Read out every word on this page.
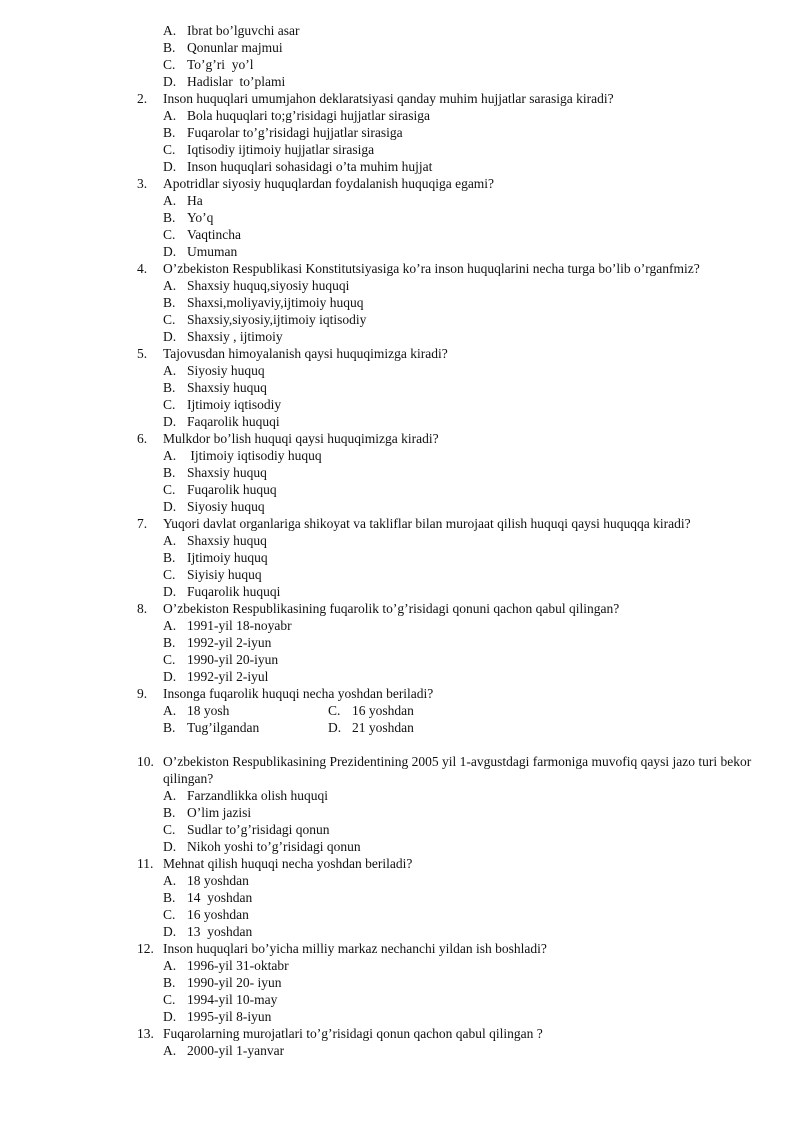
A. Ibrat bo’lguvchi asar
B. Qonunlar majmui
C. To’g’ri  yo’l
D. Hadislar  to’plami
2.	Inson huquqlari umumjahon deklaratsiyasi qanday muhim hujjatlar sarasiga kiradi?
A. Bola huquqlari to;g’risidagi hujjatlar sirasiga
B. Fuqarolar to’g’risidagi hujjatlar sirasiga
C. Iqtisodiy ijtimoiy hujjatlar sirasiga
D. Inson huquqlari sohasidagi o’ta muhim hujjat
3.	Apotridlar siyosiy huquqlardan foydalanish huquqiga egami?
A. Ha
B. Yo’q
C. Vaqtincha
D. Umuman
4.	O’zbekiston Respublikasi Konstitutsiyasiga ko’ra inson huquqlarini necha turga bo’lib o’rganfmiz?
A. Shaxsiy huquq,siyosiy huquqi
B. Shaxsi,moliyaviy,ijtimoiy huquq
C. Shaxsiy,siyosiy,ijtimoiy iqtisodiy
D. Shaxsiy , ijtimoiy
5.	Tajovusdan himoyalanish qaysi huquqimizga kiradi?
A. Siyosiy huquq
B. Shaxsiy huquq
C. Ijtimoiy iqtisodiy
D. Faqarolik huquqi
6.	Mulkdor bo’lish huquqi qaysi huquqimizga kiradi?
A. Ijtimoiy iqtisodiy huquq
B. Shaxsiy huquq
C. Fuqarolik huquq
D. Siyosiy huquq
7.	Yuqori davlat organlariga shikoyat va takliflar bilan murojaat qilish huquqi qaysi huquqqa kiradi?
A. Shaxsiy huquq
B. Ijtimoiy huquq
C. Siyisiy huquq
D. Fuqarolik huquqi
8.	O’zbekiston Respublikasining fuqarolik to’g’risidagi qonuni qachon qabul qilingan?
A. 1991-yil 18-noyabr
B. 1992-yil 2-iyun
C. 1990-yil 20-iyun
D. 1992-yil 2-iyul
9.	Insonga fuqarolik huquqi necha yoshdan beriladi?
A. 18 yosh	C. 16 yoshdan
B. Tug’ilgandan	D. 21 yoshdan
10. O’zbekiston Respublikasining Prezidentining 2005 yil 1-avgustdagi farmoniga muvofiq qaysi jazo turi bekor qilingan?
A. Farzandlikka olish huquqi
B. O’lim jazisi
C. Sudlar to’g’risidagi qonun
D. Nikoh yoshi to’g’risidagi qonun
11. Mehnat qilish huquqi necha yoshdan beriladi?
A. 18 yoshdan
B. 14  yoshdan
C. 16 yoshdan
D. 13  yoshdan
12. Inson huquqlari bo’yicha milliy markaz nechanchi yildan ish boshladi?
A. 1996-yil 31-oktabr
B. 1990-yil 20- iyun
C. 1994-yil 10-may
D. 1995-yil 8-iyun
13. Fuqarolarning murojatlari to’g’risidagi qonun qachon qabul qilingan ?
A. 2000-yil 1-yanvar
